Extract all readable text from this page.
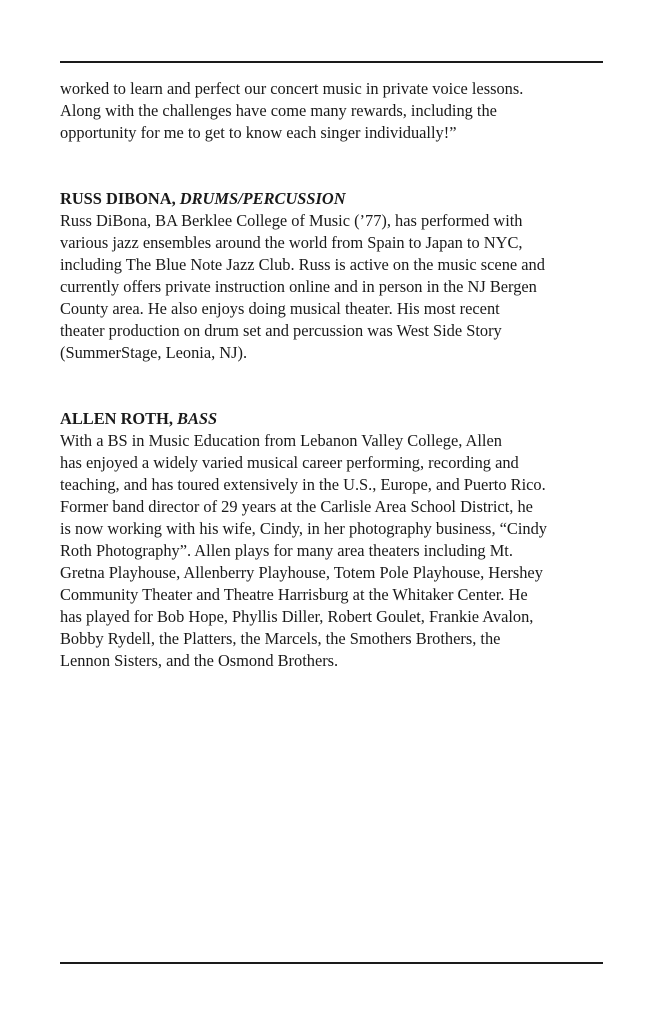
worked to learn and perfect our concert music in private voice lessons.
Along with the challenges have come many rewards, including the
opportunity for me to get to know each singer individually!”

RUSS DIBONA, DRUMS/PERCUSSION

Russ DiBona, BA Berklee College of Music (’77), has performed with
various jazz ensembles around the world from Spain to Japan to NYC,
including The Blue Note Jazz Club. Russ is active on the music scene and
currently offers private instruction online and in person in the NJ Bergen
County area. He also enjoys doing musical theater. His most recent
theater production on drum set and percussion was West Side Story
(SummerStage, Leonia, NJ).

ALLEN ROTH, BASS

With a BS in Music Education from Lebanon Valley College, Allen
has enjoyed a widely varied musical career performing, recording and
teaching, and has toured extensively in the U.S., Europe, and Puerto Rico.
Former band director of 29 years at the Carlisle Area School District, he
is now working with his wife, Cindy, in her photography business, “Cindy
Roth Photography”. Allen plays for many area theaters including Mt.
Gretna Playhouse, Allenberry Playhouse, Totem Pole Playhouse, Hershey
Community Theater and Theatre Harrisburg at the Whitaker Center. He
has played for Bob Hope, Phyllis Diller, Robert Goulet, Frankie Avalon,
Bobby Rydell, the Platters, the Marcels, the Smothers Brothers, the
Lennon Sisters, and the Osmond Brothers.
